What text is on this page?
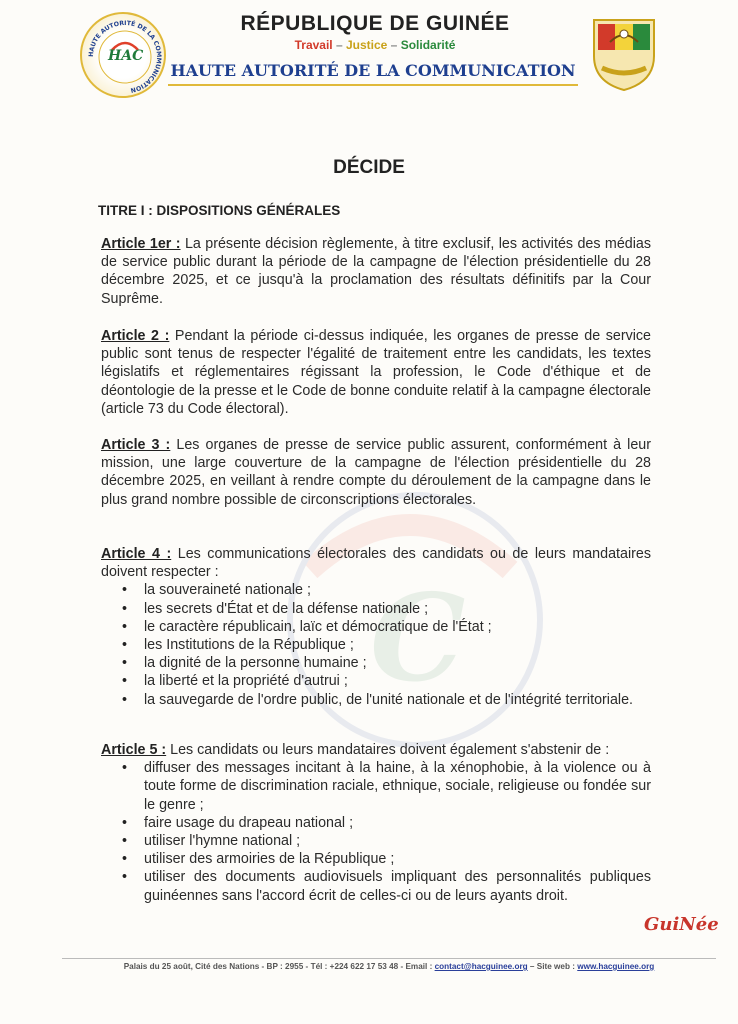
HAUTE AUTORITÉ DE LA COMMUNICATION
HAC
RÉPUBLIQUE DE GUINÉE
Travail – Justice – Solidarité
HAUTE AUTORITÉ DE LA COMMUNICATION
C
DÉCIDE
TITRE I : DISPOSITIONS GÉNÉRALES
Article 1er : La présente décision règlemente, à titre exclusif, les activités des médias de service public durant la période de la campagne de l'élection présidentielle du 28 décembre 2025, et ce jusqu'à la proclamation des résultats définitifs par la Cour Suprême.
Article 2 : Pendant la période ci-dessus indiquée, les organes de presse de service public sont tenus de respecter l'égalité de traitement entre les candidats, les textes législatifs et réglementaires régissant la profession, le Code d'éthique et de déontologie de la presse et le Code de bonne conduite relatif à la campagne électorale (article 73 du Code électoral).
Article 3 : Les organes de presse de service public assurent, conformément à leur mission, une large couverture de la campagne de l'élection présidentielle du 28 décembre 2025, en veillant à rendre compte du déroulement de la campagne dans le plus grand nombre possible de circonscriptions électorales.
Article 4 : Les communications électorales des candidats ou de leurs mandataires doivent respecter :
• la souveraineté nationale ;
• les secrets d'État et de la défense nationale ;
• le caractère républicain, laïc et démocratique de l'État ;
• les Institutions de la République ;
• la dignité de la personne humaine ;
• la liberté et la propriété d'autrui ;
• la sauvegarde de l'ordre public, de l'unité nationale et de l'intégrité territoriale.
Article 5 : Les candidats ou leurs mandataires doivent également s'abstenir de :
• diffuser des messages incitant à la haine, à la xénophobie, à la violence ou à toute forme de discrimination raciale, ethnique, sociale, religieuse ou fondée sur le genre ;
• faire usage du drapeau national ;
• utiliser l'hymne national ;
• utiliser des armoiries de la République ;
• utiliser des documents audiovisuels impliquant des personnalités publiques guinéennes sans l'accord écrit de celles-ci ou de leurs ayants droit.
GuiNée
Palais du 25 août, Cité des Nations - BP : 2955 - Tél : +224 622 17 53 48 - Email : contact@hacguinee.org – Site web : www.hacguinee.org
